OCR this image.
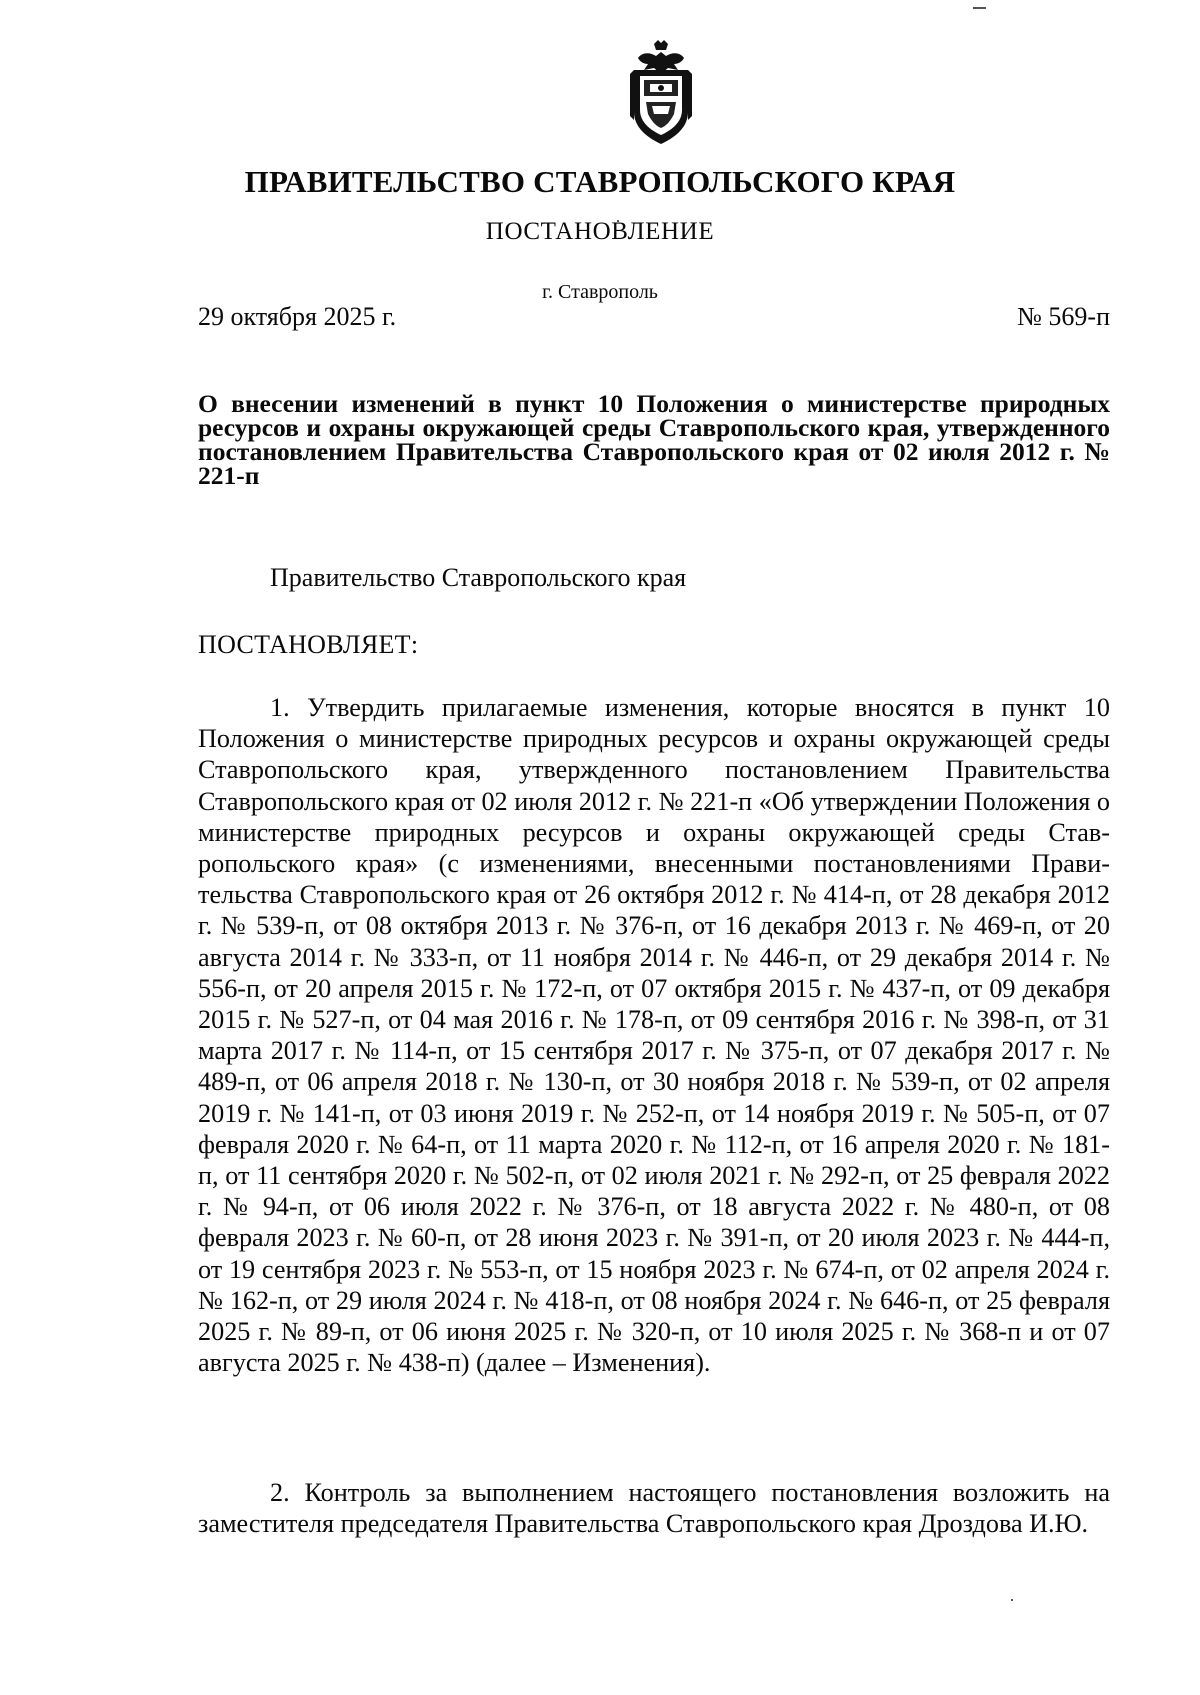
ПРАВИТЕЛЬСТВО СТАВРОПОЛЬСКОГО КРАЯ
ПОСТАНОВЛЕНИЕ
г. Ставрополь
29 октября 2025 г.	№ 569-п
О внесении изменений в пункт 10 Положения о министерстве природных ресурсов и охраны окружающей среды Ставропольского края, утвержденного постановлением Правительства Ставропольского края от 02 июля 2012 г. № 221-п
Правительство Ставропольского края
ПОСТАНОВЛЯЕТ:
1. Утвердить прилагаемые изменения, которые вносятся в пункт 10 Положения о министерстве природных ресурсов и охраны окружающей среды Ставропольского края, утвержденного постановлением Правительства Ставропольского края от 02 июля 2012 г. № 221-п «Об утверждении Положения о министерстве природных ресурсов и охраны окружающей среды Ставропольского края» (с изменениями, внесенными постановлениями Правительства Ставропольского края от 26 октября 2012 г. № 414-п, от 28 декабря 2012 г. № 539-п, от 08 октября 2013 г. № 376-п, от 16 декабря 2013 г. № 469-п, от 20 августа 2014 г. № 333-п, от 11 ноября 2014 г. № 446-п, от 29 декабря 2014 г. № 556-п, от 20 апреля 2015 г. № 172-п, от 07 октября 2015 г. № 437-п, от 09 декабря 2015 г. № 527-п, от 04 мая 2016 г. № 178-п, от 09 сентября 2016 г. № 398-п, от 31 марта 2017 г. № 114-п, от 15 сентября 2017 г. № 375-п, от 07 декабря 2017 г. № 489-п, от 06 апреля 2018 г. № 130-п, от 30 ноября 2018 г. № 539-п, от 02 апреля 2019 г. № 141-п, от 03 июня 2019 г. № 252-п, от 14 ноября 2019 г. № 505-п, от 07 февраля 2020 г. № 64-п, от 11 марта 2020 г. № 112-п, от 16 апреля 2020 г. № 181-п, от 11 сентября 2020 г. № 502-п, от 02 июля 2021 г. № 292-п, от 25 февраля 2022 г. № 94-п, от 06 июля 2022 г. № 376-п, от 18 августа 2022 г. № 480-п, от 08 февраля 2023 г. № 60-п, от 28 июня 2023 г. № 391-п, от 20 июля 2023 г. № 444-п, от 19 сентября 2023 г. № 553-п, от 15 ноября 2023 г. № 674-п, от 02 апреля 2024 г. № 162-п, от 29 июля 2024 г. № 418-п, от 08 ноября 2024 г. № 646-п, от 25 февраля 2025 г. № 89-п, от 06 июня 2025 г. № 320-п, от 10 июля 2025 г. № 368-п и от 07 августа 2025 г. № 438-п) (далее – Изменения).
2. Контроль за выполнением настоящего постановления возложить на заместителя председателя Правительства Ставропольского края Дроздова И.Ю.
